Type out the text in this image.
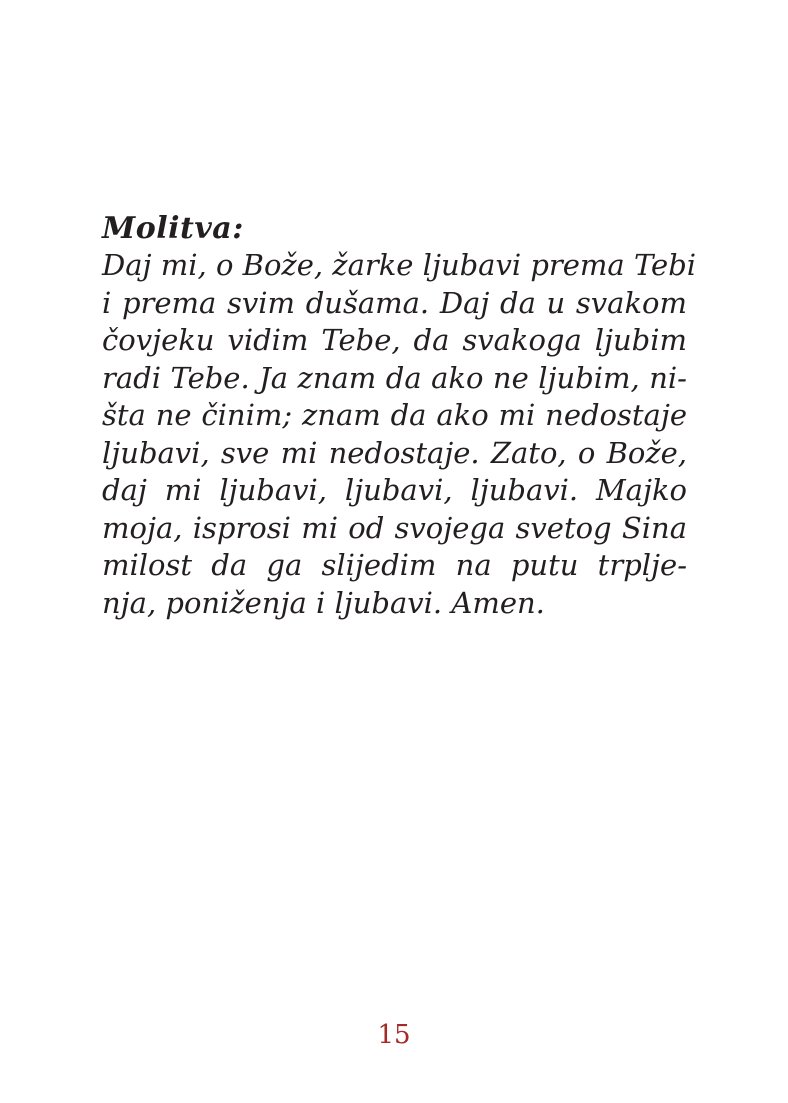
Molitva:
Daj mi, o Bože, žarke ljubavi prema Tebi
i prema svim dušama. Daj da u svakom
čovjeku vidim Tebe, da svakoga ljubim
radi Tebe. Ja znam da ako ne ljubim, ni-
šta ne činim; znam da ako mi nedostaje
ljubavi, sve mi nedostaje. Zato, o Bože,
daj mi ljubavi, ljubavi, ljubavi. Majko
moja, isprosi mi od svojega svetog Sina
milost da ga slijedim na putu trplje-
nja, poniženja i ljubavi. Amen.
15
